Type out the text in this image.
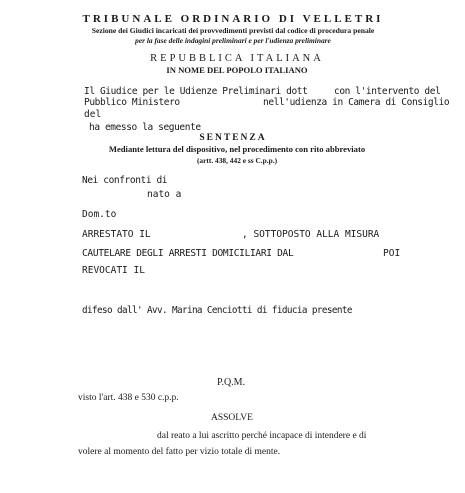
TRIBUNALE ORDINARIO DI VELLETRI
Sezione dei Giudici incaricati dei provvedimenti previsti dal codice di procedura penale
per la fase delle indagini preliminari e per l'udienza preliminare
REPUBBLICA ITALIANA
IN NOME DEL POPOLO ITALIANO
Il Giudice per le Udienze Preliminari dott	con l'intervento del
Pubblico Ministero	nell'udienza in Camera di Consiglio
del
ha emesso la seguente
SENTENZA
Mediante lettura del dispositivo, nel procedimento con rito abbreviato
(artt. 438, 442 e ss C.p.p.)
Nei confronti di
nato a
Dom.to
ARRESTATO IL	, SOTTOPOSTO ALLA MISURA
CAUTELARE DEGLI ARRESTI DOMICILIARI DAL	POI
REVOCATI IL
difeso dall' Avv. Marina Cenciotti di fiducia presente
P.Q.M.
visto l'art. 438 e 530 c.p.p.
ASSOLVE
dal reato a lui ascritto perché incapace di intendere e di
volere al momento del fatto per vizio totale di mente.
